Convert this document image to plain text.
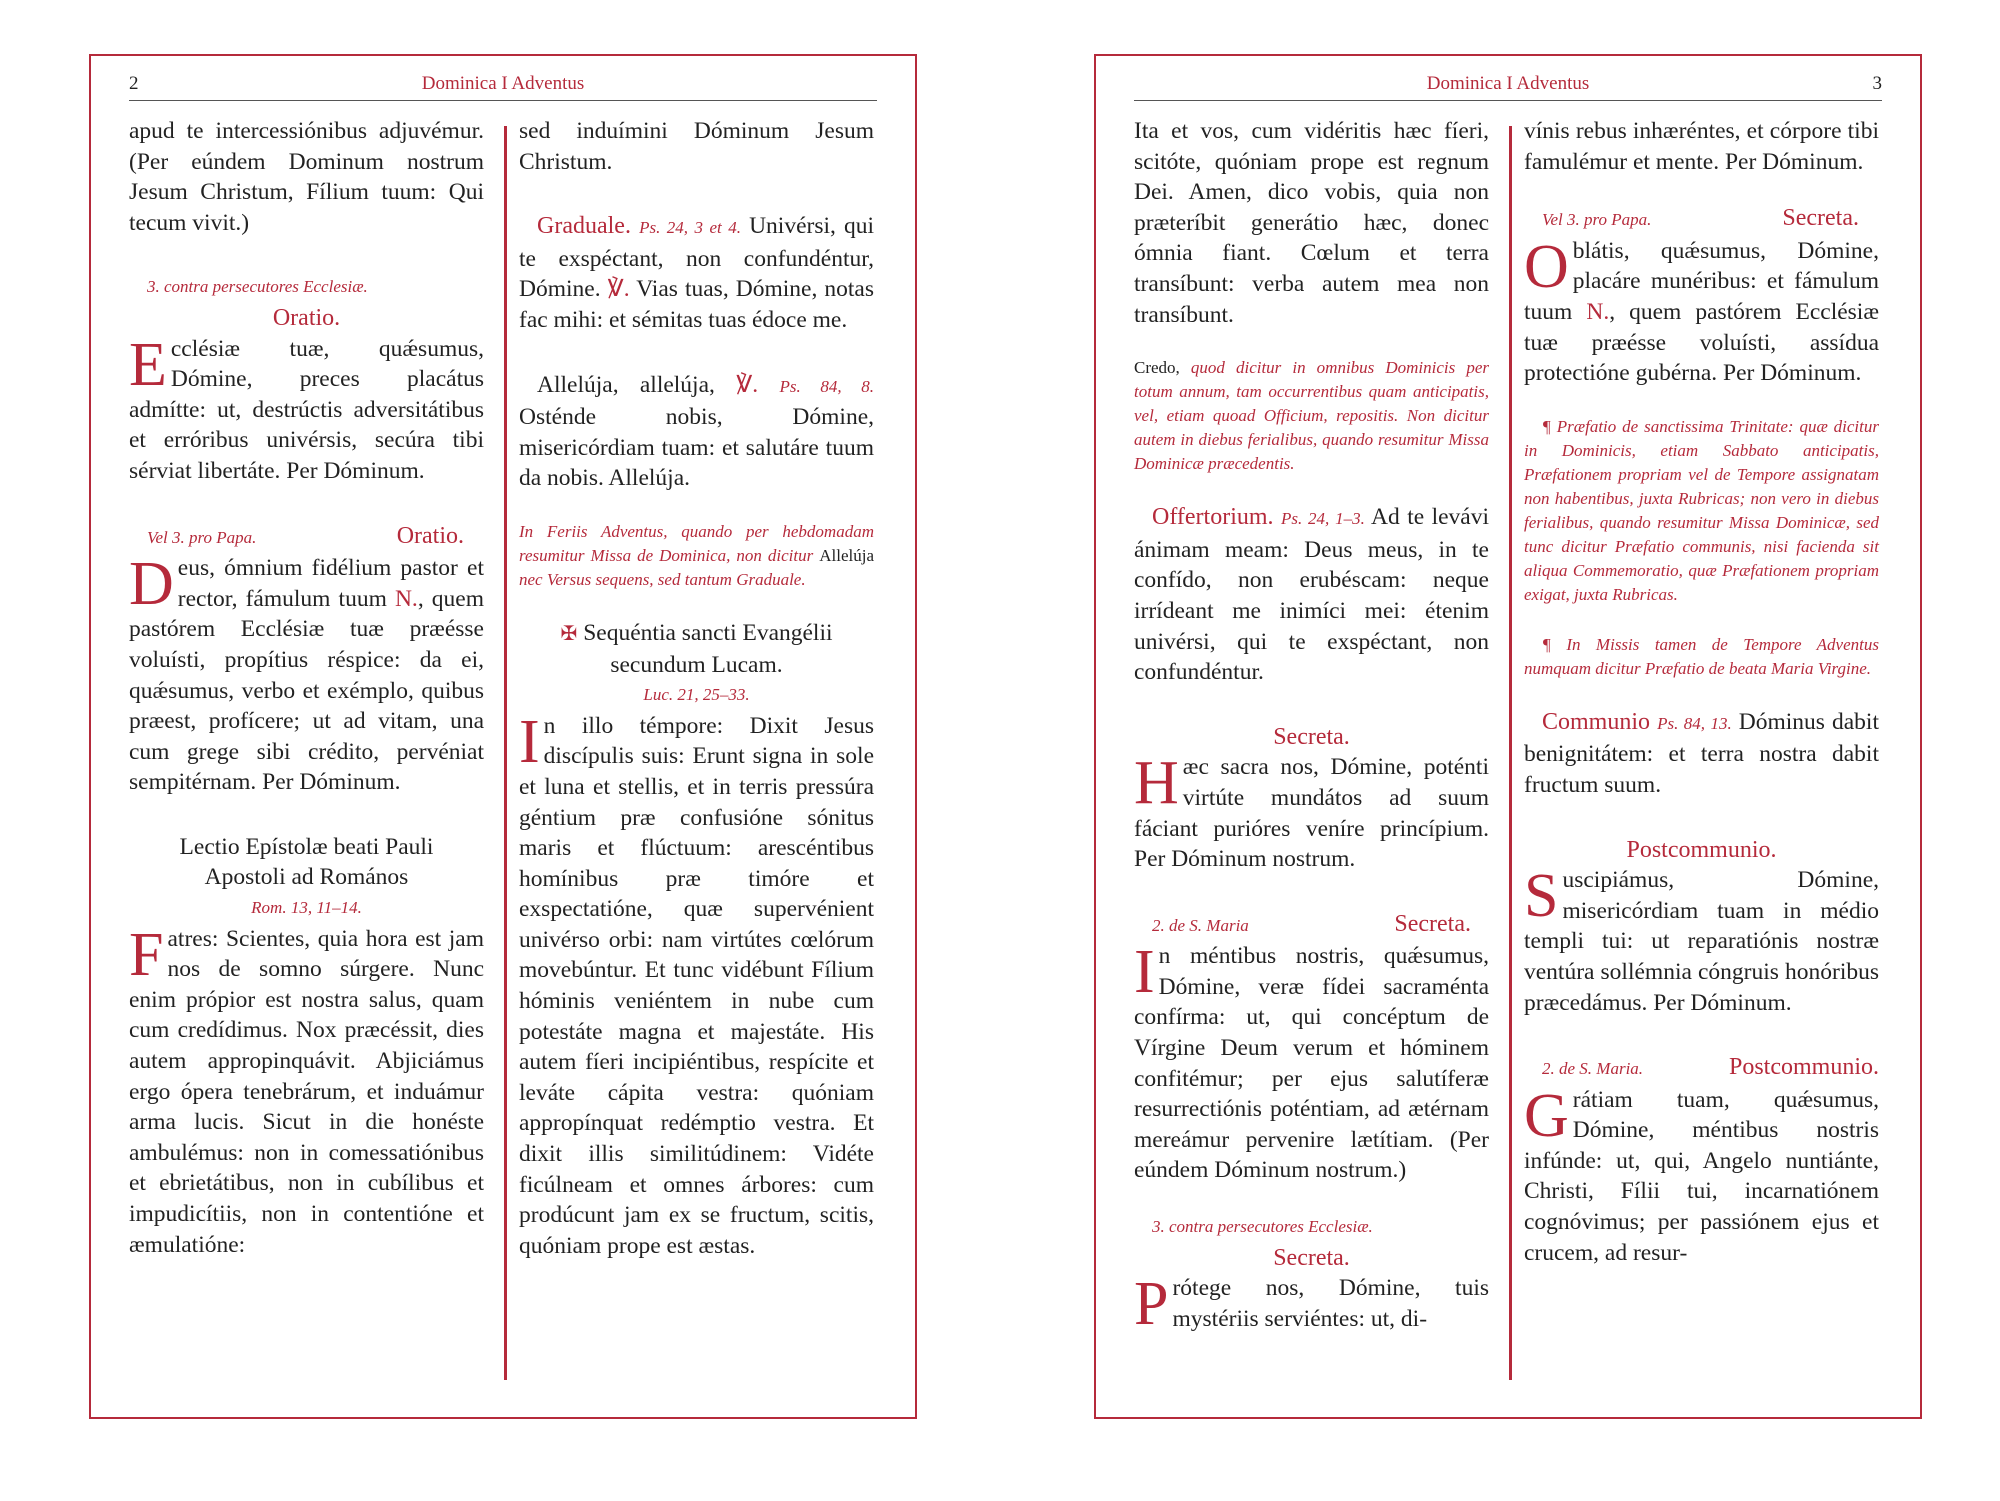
2	Dominica I Adventus

apud te intercessiónibus adjuvémur. (Per eúndem Dominum nostrum Jesum Christum, Fílium tuum: Qui tecum vivit.)

3. contra persecutores Ecclesiæ.
Oratio.

Ecclésiæ tuæ, quǽsumus, Dómine, preces placátus admítte: ut, destrúctis adversitátibus et erróribus univérsis, secúra tibi sérviat libertáte. Per Dóminum.

Vel 3. pro Papa.	Oratio.

Deus, ómnium fidélium pastor et rector, fámulum tuum N., quem pastórem Ecclésiæ tuæ præésse voluísti, propítius réspice: da ei, quǽsumus, verbo et exémplo, quibus præest, profícere; ut ad vitam, una cum grege sibi crédito, pervéniat sempitérnam. Per Dóminum.

Lectio Epístolæ beati Pauli
Apostoli ad Romános
Rom. 13, 11–14.

Fatres: Scientes, quia hora est jam nos de somno súrgere. Nunc enim própior est nostra salus, quam cum credídimus. Nox præcéssit, dies autem appropinquávit. Abjiciámus ergo ópera tenebrárum, et induámur arma lucis. Sicut in die honéste ambulémus: non in comessatiónibus et ebrietátibus, non in cubílibus et impudicítiis, non in contentióne et æmulatióne:

sed induímini Dóminum Jesum Christum.

Graduale. Ps. 24, 3 et 4. Univérsi, qui te exspéctant, non confundéntur, Dómine. ℣. Vias tuas, Dómine, notas fac mihi: et sémitas tuas édoce me.

Allelúja, allelúja, ℣. Ps. 84, 8. Osténde nobis, Dómine, misericórdiam tuam: et salutáre tuum da nobis. Allelúja.

In Feriis Adventus, quando per hebdomadam resumitur Missa de Dominica, non dicitur Allelúja nec Versus sequens, sed tantum Graduale.

✠ Sequéntia sancti Evangélii
secundum Lucam.
Luc. 21, 25–33.

In illo témpore: Dixit Jesus discípulis suis: Erunt signa in sole et luna et stellis, et in terris pressúra géntium præ confusióne sónitus maris et flúctuum: arescéntibus homínibus præ timóre et exspectatióne, quæ supervénient univérso orbi: nam virtútes cœlórum movebúntur. Et tunc vidébunt Fílium hóminis veniéntem in nube cum potestáte magna et majestáte. His autem fíeri incipiéntibus, respícite et leváte cápita vestra: quóniam appropínquat redémptio vestra. Et dixit illis similitúdinem: Vidéte ficúlneam et omnes árbores: cum prodúcunt jam ex se fructum, scitis, quóniam prope est æstas.

Dominica I Adventus	3

Ita et vos, cum vidéritis hæc fíeri, scitóte, quóniam prope est regnum Dei. Amen, dico vobis, quia non præteríbit generátio hæc, donec ómnia fiant. Cœlum et terra transíbunt: verba autem mea non transíbunt.

Credo, quod dicitur in omnibus Dominicis per totum annum, tam occurrentibus quam anticipatis, vel, etiam quoad Officium, repositis. Non dicitur autem in diebus ferialibus, quando resumitur Missa Dominicæ præcedentis.

Offertorium. Ps. 24, 1–3. Ad te levávi ánimam meam: Deus meus, in te confído, non erubéscam: neque irrídeant me inimíci mei: étenim univérsi, qui te exspéctant, non confundéntur.

Secreta.

Hæc sacra nos, Dómine, poténti virtúte mundátos ad suum fáciant purióres veníre princípium. Per Dóminum nostrum.

2. de S. Maria	Secreta.

In méntibus nostris, quǽsumus, Dómine, veræ fídei sacraménta confírma: ut, qui concéptum de Vírgine Deum verum et hóminem confitémur; per ejus salutíferæ resurrectiónis poténtiam, ad ætérnam mereámur pervenire lætítiam. (Per eúndem Dóminum nostrum.)

3. contra persecutores Ecclesiæ.
Secreta.

Prótege nos, Dómine, tuis mystériis serviéntes: ut, di-

vínis rebus inhæréntes, et córpore tibi famulémur et mente. Per Dóminum.

Vel 3. pro Papa.	Secreta.

Oblátis, quǽsumus, Dómine, placáre munéribus: et fámulum tuum N., quem pastórem Ecclésiæ tuæ præésse voluísti, assídua protectióne gubérna. Per Dóminum.

¶ Præfatio de sanctissima Trinitate: quæ dicitur in Dominicis, etiam Sabbato anticipatis, Præfationem propriam vel de Tempore assignatam non habentibus, juxta Rubricas; non vero in diebus ferialibus, quando resumitur Missa Dominicæ, sed tunc dicitur Præfatio communis, nisi facienda sit aliqua Commemoratio, quæ Præfationem propriam exigat, juxta Rubricas.

¶ In Missis tamen de Tempore Adventus numquam dicitur Præfatio de beata Maria Virgine.

Communio Ps. 84, 13. Dóminus dabit benignitátem: et terra nostra dabit fructum suum.

Postcommunio.

Suscipiámus, Dómine, misericórdiam tuam in médio templi tui: ut reparatiónis nostræ ventúra sollémnia cóngruis honóribus præcedámus. Per Dóminum.

2. de S. Maria.	Postcommunio.

Grátiam tuam, quǽsumus, Dómine, méntibus nostris infúnde: ut, qui, Angelo nuntiánte, Christi, Fílii tui, incarnatiónem cognóvimus; per passiónem ejus et crucem, ad resur-
